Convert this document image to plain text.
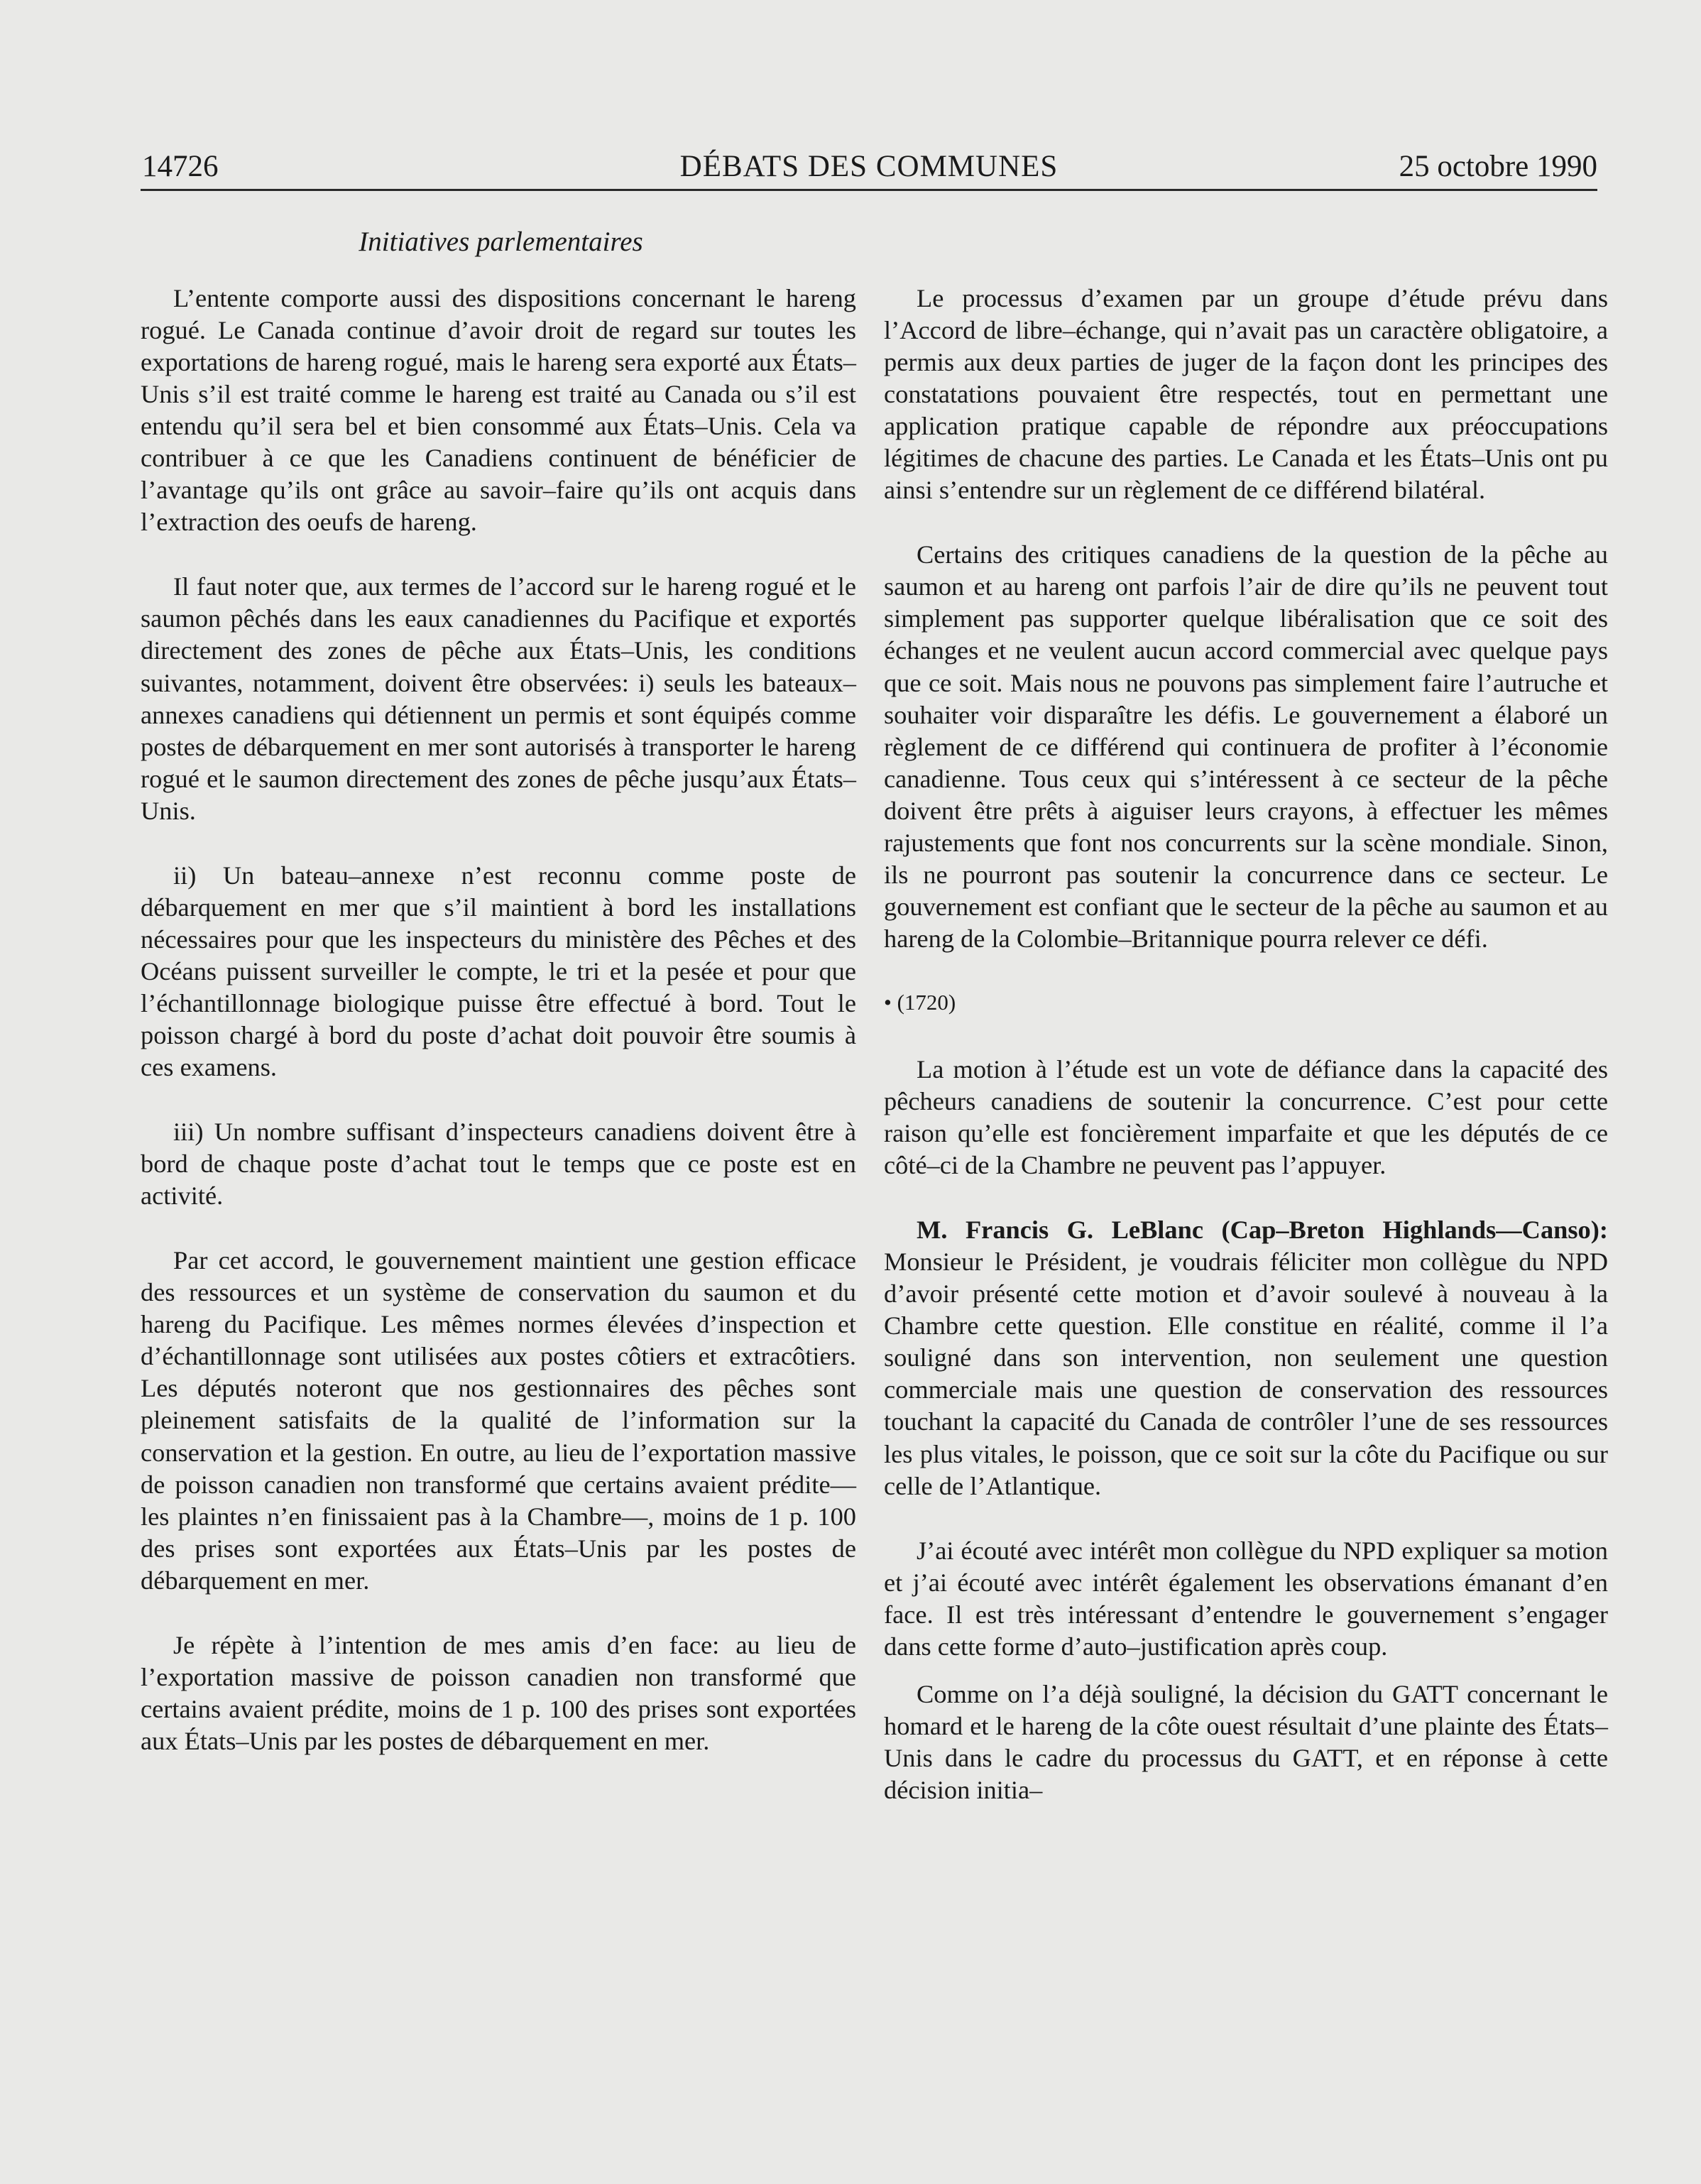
14726	DÉBATS DES COMMUNES	25 octobre 1990
Initiatives parlementaires

L’entente comporte aussi des dispositions concernant le hareng rogué. Le Canada continue d’avoir droit de regard sur toutes les exportations de hareng rogué, mais le hareng sera exporté aux États–Unis s’il est traité comme le hareng est traité au Canada ou s’il est entendu qu’il sera bel et bien consommé aux États–Unis. Cela va contribuer à ce que les Canadiens continuent de bénéficier de l’avantage qu’ils ont grâce au savoir–faire qu’ils ont acquis dans l’extraction des oeufs de hareng.

Il faut noter que, aux termes de l’accord sur le hareng rogué et le saumon pêchés dans les eaux canadiennes du Pacifique et exportés directement des zones de pêche aux États–Unis, les conditions suivantes, notamment, doivent être observées: i) seuls les bateaux–annexes canadiens qui détiennent un permis et sont équipés comme postes de débarquement en mer sont autorisés à transporter le hareng rogué et le saumon directement des zones de pêche jusqu’aux États–Unis.

ii) Un bateau–annexe n’est reconnu comme poste de débarquement en mer que s’il maintient à bord les installations nécessaires pour que les inspecteurs du ministère des Pêches et des Océans puissent surveiller le compte, le tri et la pesée et pour que l’échantillonnage biologique puisse être effectué à bord. Tout le poisson chargé à bord du poste d’achat doit pouvoir être soumis à ces examens.

iii) Un nombre suffisant d’inspecteurs canadiens doivent être à bord de chaque poste d’achat tout le temps que ce poste est en activité.

Par cet accord, le gouvernement maintient une gestion efficace des ressources et un système de conservation du saumon et du hareng du Pacifique. Les mêmes normes élevées d’inspection et d’échantillonnage sont utilisées aux postes côtiers et extracôtiers. Les députés noteront que nos gestionnaires des pêches sont pleinement satisfaits de la qualité de l’information sur la conservation et la gestion. En outre, au lieu de l’exportation massive de poisson canadien non transformé que certains avaient prédite—les plaintes n’en finissaient pas à la Chambre—, moins de 1 p. 100 des prises sont exportées aux États–Unis par les postes de débarquement en mer.

Je répète à l’intention de mes amis d’en face: au lieu de l’exportation massive de poisson canadien non transformé que certains avaient prédite, moins de 1 p. 100 des prises sont exportées aux États–Unis par les postes de débarquement en mer.

Le processus d’examen par un groupe d’étude prévu dans l’Accord de libre–échange, qui n’avait pas un caractère obligatoire, a permis aux deux parties de juger de la façon dont les principes des constatations pouvaient être respectés, tout en permettant une application pratique capable de répondre aux préoccupations légitimes de chacune des parties. Le Canada et les États–Unis ont pu ainsi s’entendre sur un règlement de ce différend bilatéral.

Certains des critiques canadiens de la question de la pêche au saumon et au hareng ont parfois l’air de dire qu’ils ne peuvent tout simplement pas supporter quelque libéralisation que ce soit des échanges et ne veulent aucun accord commercial avec quelque pays que ce soit. Mais nous ne pouvons pas simplement faire l’autruche et souhaiter voir disparaître les défis. Le gouvernement a élaboré un règlement de ce différend qui continuera de profiter à l’économie canadienne. Tous ceux qui s’intéressent à ce secteur de la pêche doivent être prêts à aiguiser leurs crayons, à effectuer les mêmes rajustements que font nos concurrents sur la scène mondiale. Sinon, ils ne pourront pas soutenir la concurrence dans ce secteur. Le gouvernement est confiant que le secteur de la pêche au saumon et au hareng de la Colombie–Britannique pourra relever ce défi.

• (1720)

La motion à l’étude est un vote de défiance dans la capacité des pêcheurs canadiens de soutenir la concurrence. C’est pour cette raison qu’elle est foncièrement imparfaite et que les députés de ce côté–ci de la Chambre ne peuvent pas l’appuyer.

M. Francis G. LeBlanc (Cap–Breton Highlands—Canso): Monsieur le Président, je voudrais féliciter mon collègue du NPD d’avoir présenté cette motion et d’avoir soulevé à nouveau à la Chambre cette question. Elle constitue en réalité, comme il l’a souligné dans son intervention, non seulement une question commerciale mais une question de conservation des ressources touchant la capacité du Canada de contrôler l’une de ses ressources les plus vitales, le poisson, que ce soit sur la côte du Pacifique ou sur celle de l’Atlantique.

J’ai écouté avec intérêt mon collègue du NPD expliquer sa motion et j’ai écouté avec intérêt également les observations émanant d’en face. Il est très intéressant d’entendre le gouvernement s’engager dans cette forme d’auto–justification après coup.

Comme on l’a déjà souligné, la décision du GATT concernant le homard et le hareng de la côte ouest résultait d’une plainte des États–Unis dans le cadre du processus du GATT, et en réponse à cette décision initia–
